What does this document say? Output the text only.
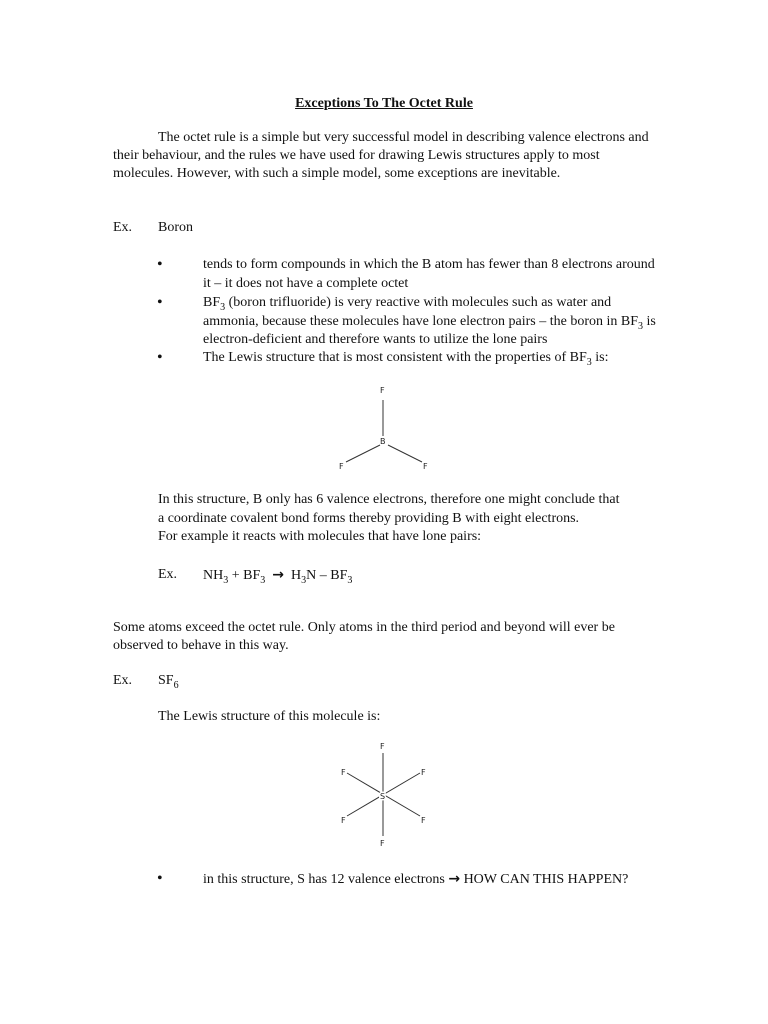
Exceptions To The Octet Rule
The octet rule is a simple but very successful model in describing valence electrons and their behaviour, and the rules we have used for drawing Lewis structures apply to most molecules. However, with such a simple model, some exceptions are inevitable.
Ex. Boron
•	tends to form compounds in which the B atom has fewer than 8 electrons around it – it does not have a complete octet
•	$BF_3$ (boron trifluoride) is very reactive with molecules such as water and ammonia, because these molecules have lone electron pairs – the boron in $BF_3$ is electron-deficient and therefore wants to utilize the lone pairs
•	The Lewis structure that is most consistent with the properties of $BF_3$ is:
F
B
F	F
In this structure, B only has 6 valence electrons, therefore one might conclude that
a coordinate covalent bond forms thereby providing B with eight electrons.
For example it reacts with molecules that have lone pairs:
Ex. $NH_3 + BF_3 \to H_3N - BF_3$
Some atoms exceed the octet rule. Only atoms in the third period and beyond will ever be observed to behave in this way.
Ex. $SF_6$
The Lewis structure of this molecule is:
F
F	F
S
F	F
F
•	in this structure, S has 12 valence electrons → HOW CAN THIS HAPPEN?
